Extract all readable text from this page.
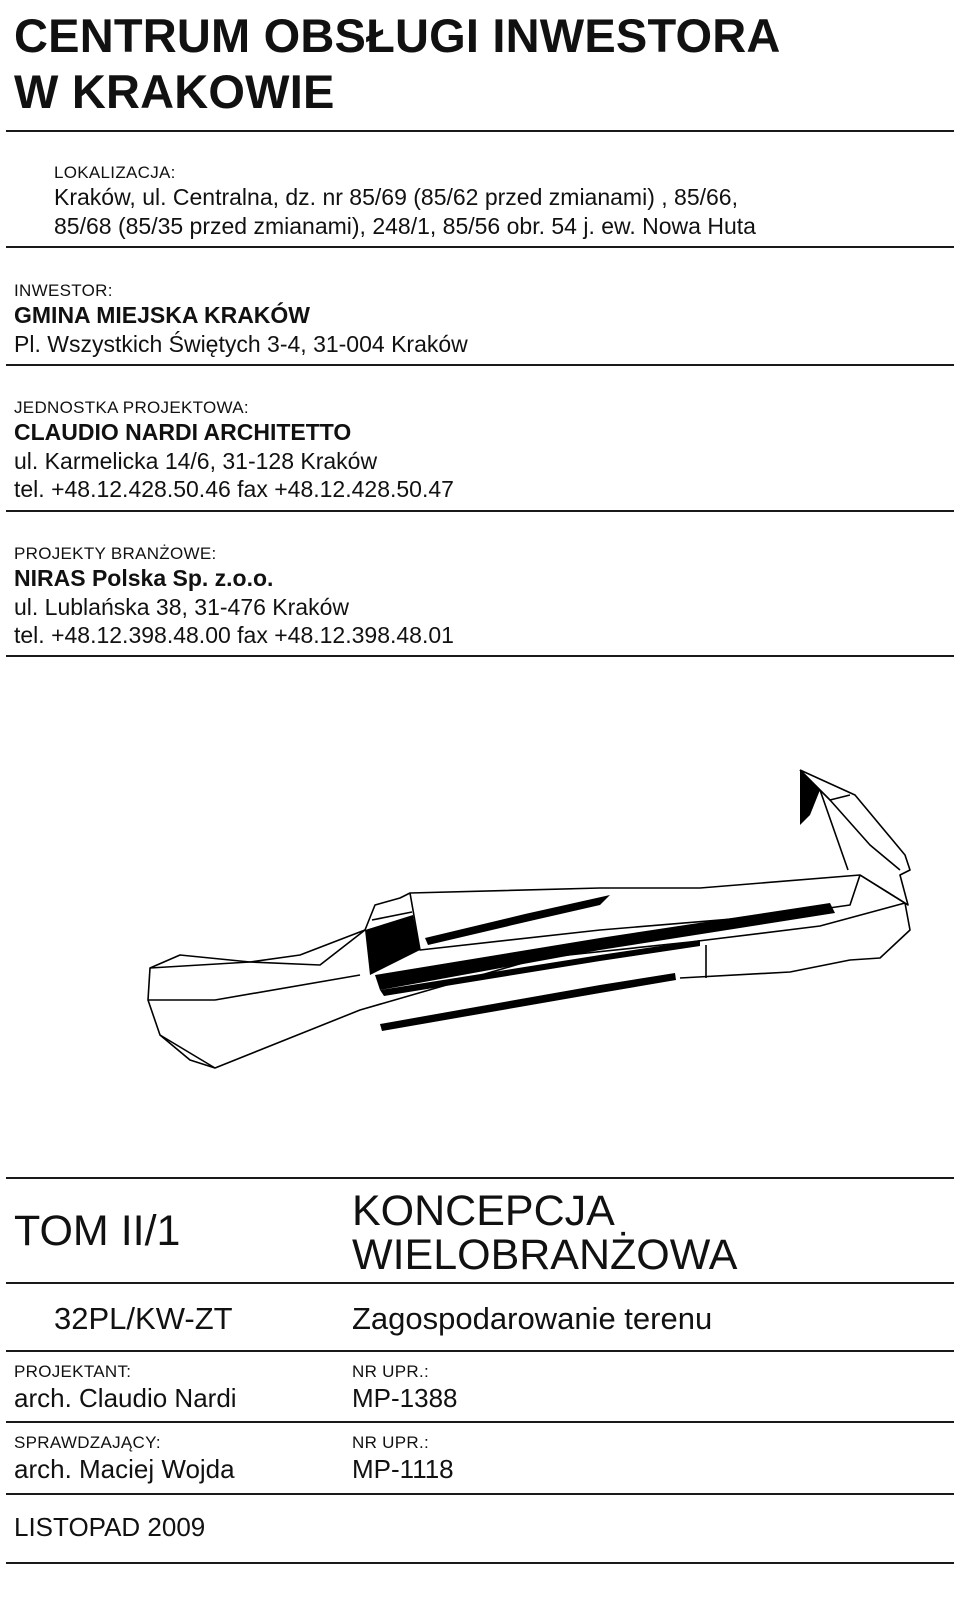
CENTRUM OBSŁUGI INWESTORA
W KRAKOWIE
LOKALIZACJA:
Kraków, ul. Centralna, dz. nr 85/69 (85/62 przed zmianami) , 85/66,
85/68 (85/35 przed zmianami), 248/1, 85/56 obr. 54 j. ew. Nowa Huta
INWESTOR:
GMINA MIEJSKA KRAKÓW
Pl. Wszystkich Świętych 3-4, 31-004 Kraków
JEDNOSTKA PROJEKTOWA:
CLAUDIO NARDI ARCHITETTO
ul. Karmelicka 14/6, 31-128 Kraków
tel. +48.12.428.50.46 fax +48.12.428.50.47
PROJEKTY BRANŻOWE:
NIRAS Polska Sp. z.o.o.
ul. Lublańska 38, 31-476 Kraków
tel. +48.12.398.48.00 fax +48.12.398.48.01
TOM II/1	KONCEPCJA
WIELOBRANŻOWA
32PL/KW-ZT	Zagospodarowanie terenu
PROJEKTANT:
arch. Claudio Nardi
NR UPR.:
MP-1388
SPRAWDZAJĄCY:
arch. Maciej Wojda
NR UPR.:
MP-1118
LISTOPAD 2009
